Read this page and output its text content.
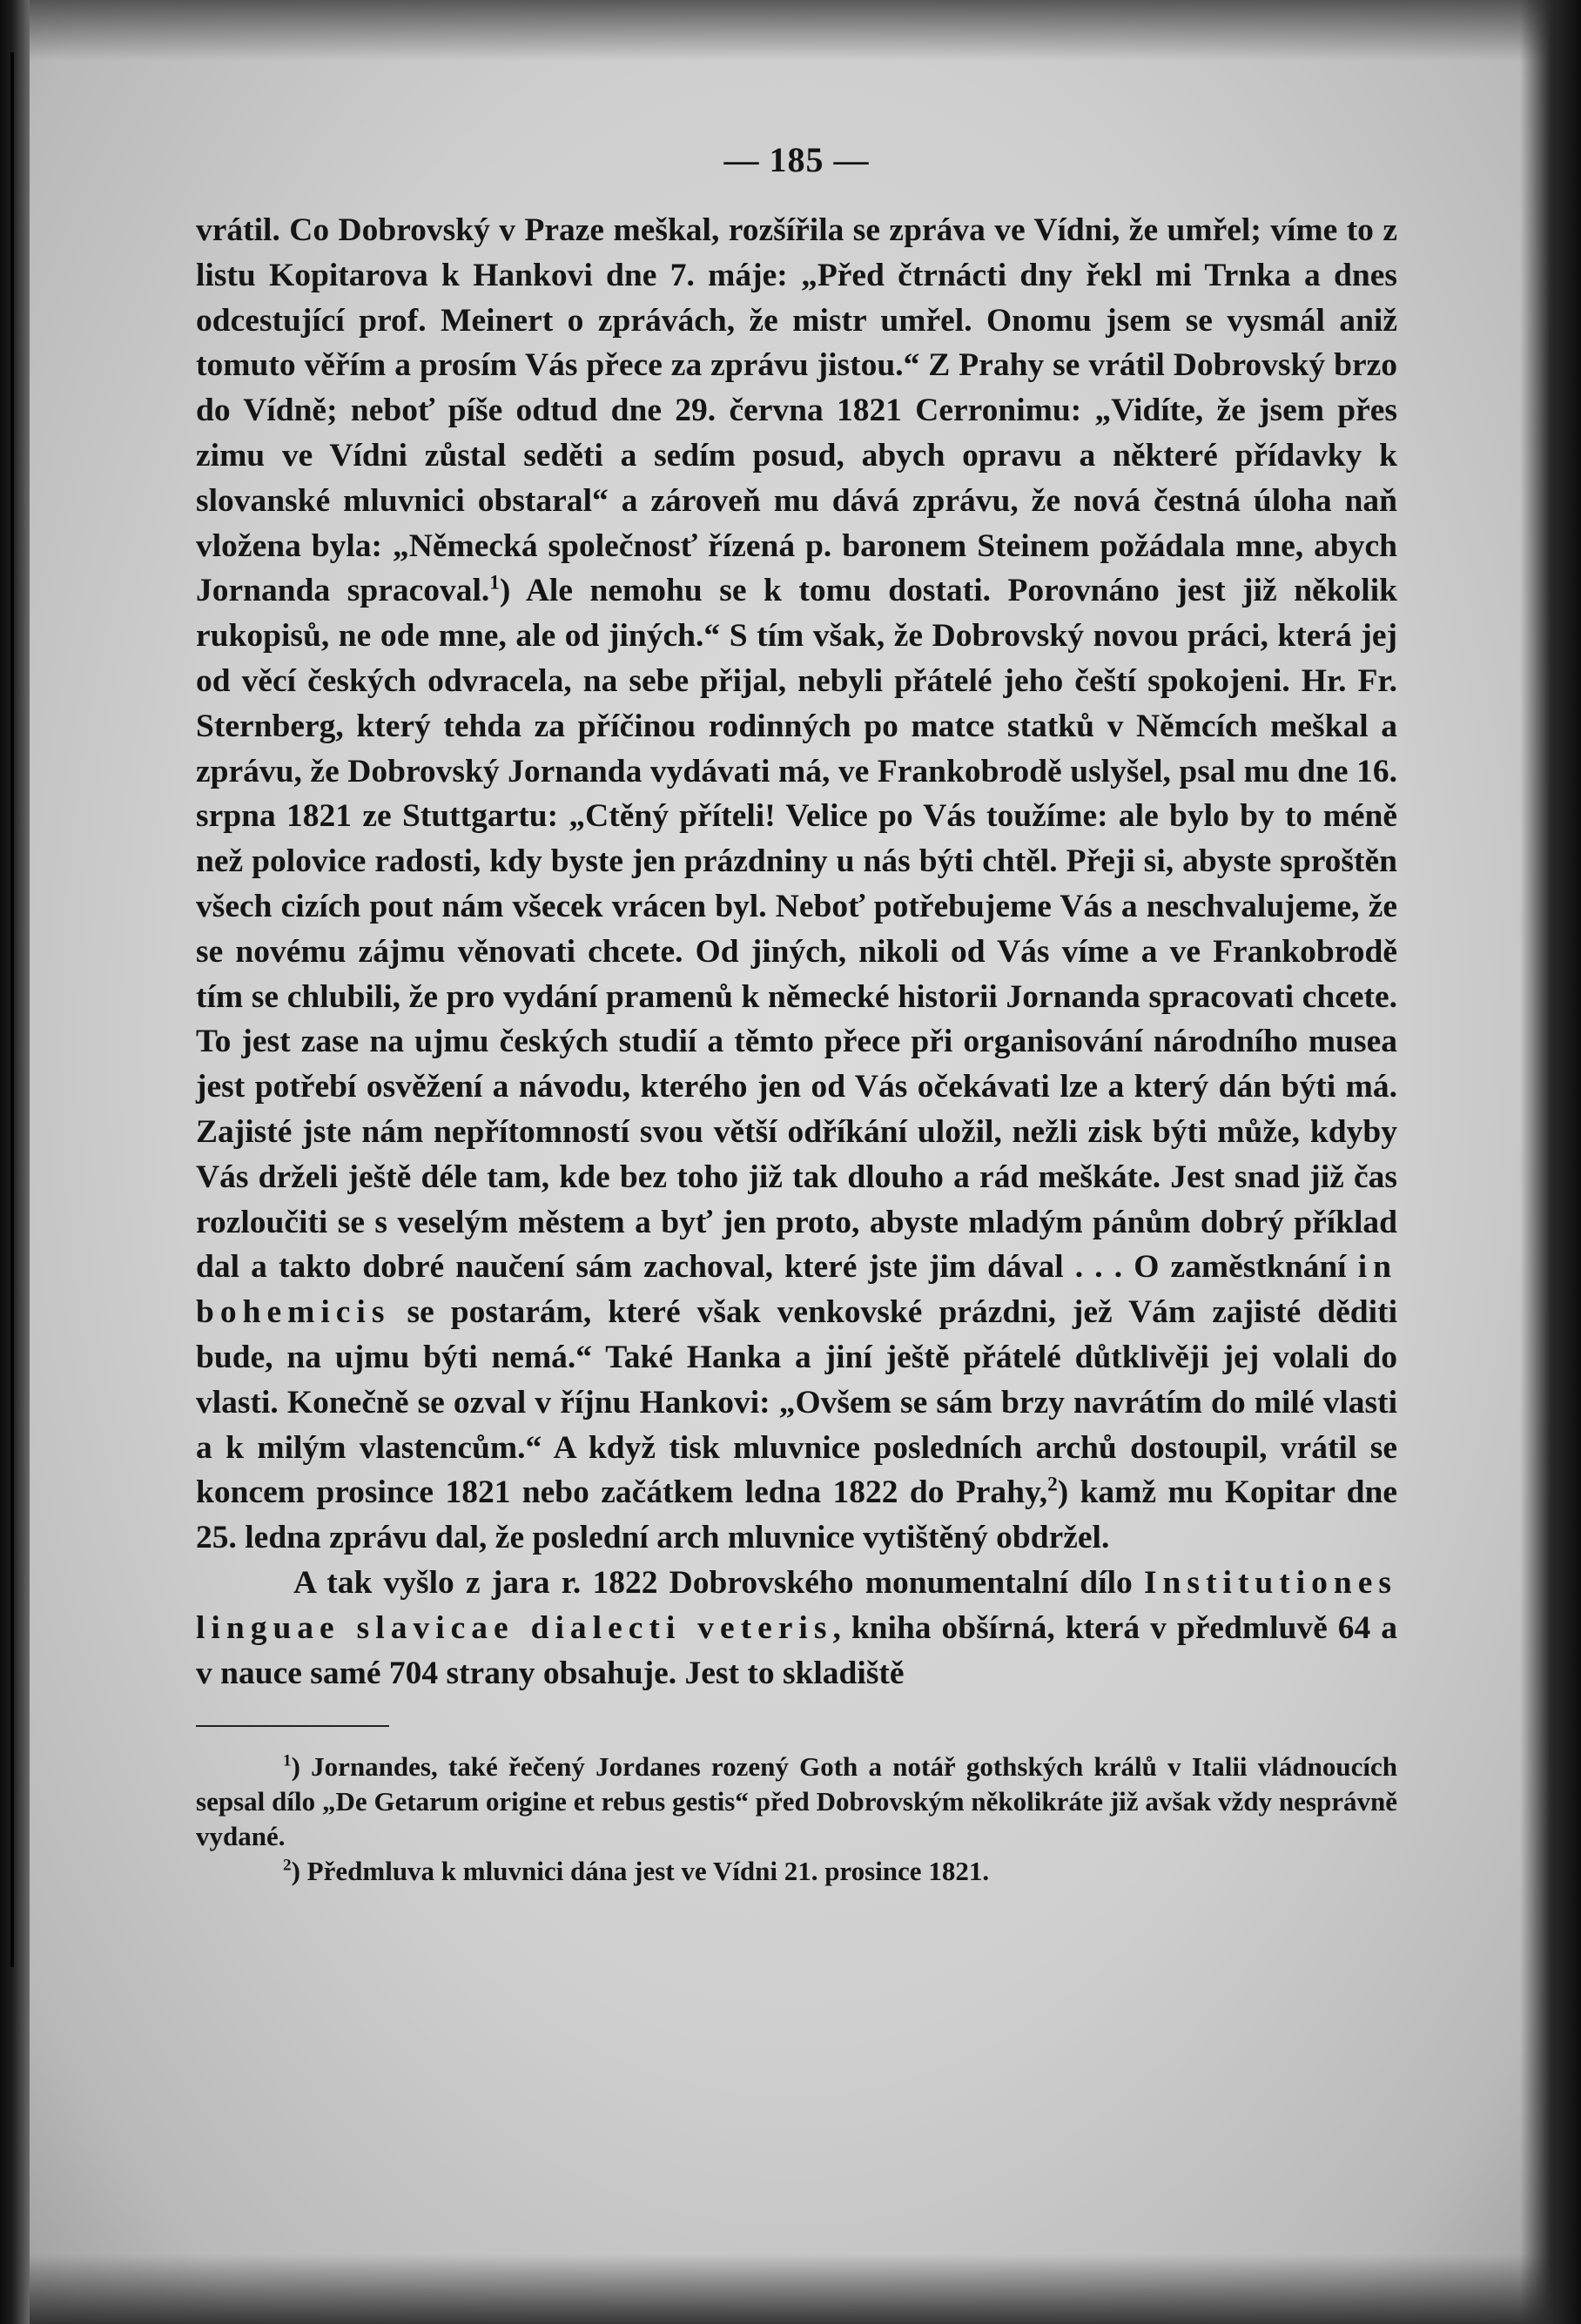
— 185 —

vrátil. Co Dobrovský v Praze meškal, rozšířila se zpráva ve Vídni, že umřel; víme to z listu Kopitarova k Hankovi dne 7. máje: „Před čtrnácti dny řekl mi Trnka a dnes odcestující prof. Meinert o zprávách, že mistr umřel. Onomu jsem se vysmál aniž tomuto věřím a prosím Vás přece za zprávu jistou.“ Z Prahy se vrátil Dobrovský brzo do Vídně; neboť píše odtud dne 29. června 1821 Cerronimu: „Vidíte, že jsem přes zimu ve Vídni zůstal seděti a sedím posud, abych opravu a některé přídavky k slovanské mluvnici obstaral“ a zároveň mu dává zprávu, že nová čestná úloha naň vložena byla: „Německá společnosť řízená p. baronem Steinem požádala mne, abych Jornanda spracoval.$^1$) Ale nemohu se k tomu dostati. Porovnáno jest již několik rukopisů, ne ode mne, ale od jiných.“ S tím však, že Dobrovský novou práci, která jej od věcí českých odvracela, na sebe přijal, nebyli přátelé jeho čeští spokojeni. Hr. Fr. Sternberg, který tehda za příčinou rodinných po matce statků v Němcích meškal a zprávu, že Dobrovský Jornanda vydávati má, ve Frankobrodě uslyšel, psal mu dne 16. srpna 1821 ze Stuttgartu: „Ctěný příteli! Velice po Vás toužíme: ale bylo by to méně než polovice radosti, kdy byste jen prázdniny u nás býti chtěl. Přeji si, abyste sproštěn všech cizích pout nám všecek vrácen byl. Neboť potřebujeme Vás a neschvalujeme, že se novému zájmu věnovati chcete. Od jiných, nikoli od Vás víme a ve Frankobrodě tím se chlubili, že pro vydání pramenů k německé historii Jornanda spracovati chcete. To jest zase na ujmu českých studií a těmto přece při organisování národního musea jest potřebí osvěžení a návodu, kterého jen od Vás očekávati lze a který dán býti má. Zajisté jste nám nepřítomností svou větší odříkání uložil, nežli zisk býti může, kdyby Vás drželi ještě déle tam, kde bez toho již tak dlouho a rád meškáte. Jest snad již čas rozloučiti se s veselým městem a byť jen proto, abyste mladým pánům dobrý příklad dal a takto dobré naučení sám zachoval, které jste jim dával . . . O zaměstknání in bohemicis se postarám, které však venkovské prázdni, jež Vám zajisté děditi bude, na ujmu býti nemá.“ Také Hanka a jiní ještě přátelé důtklivěji jej volali do vlasti. Konečně se ozval v říjnu Hankovi: „Ovšem se sám brzy navrátím do milé vlasti a k milým vlastencům.“ A když tisk mluvnice posledních archů dostoupil, vrátil se koncem prosince 1821 nebo začátkem ledna 1822 do Prahy,$^2$) kamž mu Kopitar dne 25. ledna zprávu dal, že poslední arch mluvnice vytištěný obdržel.

A tak vyšlo z jara r. 1822 Dobrovského monumentalní dílo Institutiones linguae slavicae dialecti veteris, kniha obšírná, která v předmluvě 64 a v nauce samé 704 strany obsahuje. Jest to skladiště

$^1$) Jornandes, také řečený Jordanes rozený Goth a notář gothských králů v Italii vládnoucích sepsal dílo „De Getarum origine et rebus gestis“ před Dobrovským několikráte již avšak vždy nesprávně vydané.

$^2$) Předmluva k mluvnici dána jest ve Vídni 21. prosince 1821.
